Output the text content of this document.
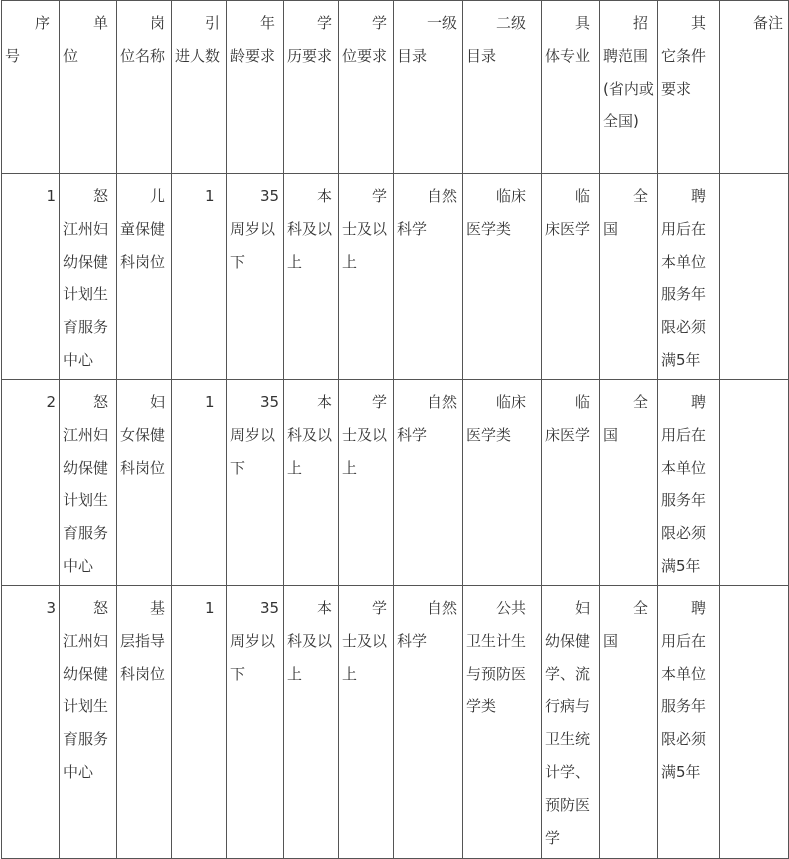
序号	单位	岗位名称	引进人数	年龄要求	学历要求	学位要求	一级目录	二级目录	具体专业	招聘范围(省内或全国)	其它条件要求	备注
1	怒江州妇幼保健计划生育服务中心	儿童保健科岗位	1	35周岁以下	本科及以上	学士及以上	自然科学	临床医学类	临床医学	全国	聘用后在本单位服务年限必须满5年	
2	怒江州妇幼保健计划生育服务中心	妇女保健科岗位	1	35周岁以下	本科及以上	学士及以上	自然科学	临床医学类	临床医学	全国	聘用后在本单位服务年限必须满5年	
3	怒江州妇幼保健计划生育服务中心	基层指导科岗位	1	35周岁以下	本科及以上	学士及以上	自然科学	公共卫生计生与预防医学类	妇幼保健学、流行病与卫生统计学、预防医学	全国	聘用后在本单位服务年限必须满5年	
